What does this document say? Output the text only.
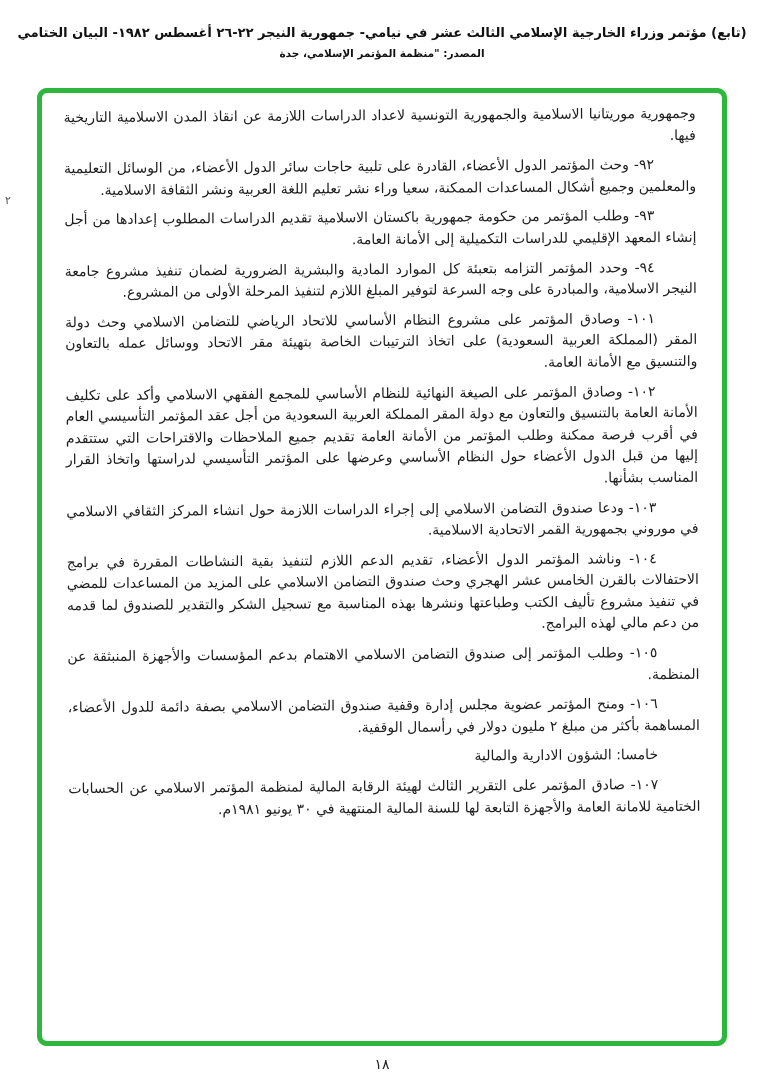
(تابع) مؤتمر وزراء الخارجية الإسلامي الثالث عشر في نيامي- جمهورية النيجر ٢٢-٢٦ أغسطس ١٩٨٢- البيان الختامي
المصدر: "منظمة المؤتمر الإسلامي، جدة
٢

وجمهورية موريتانيا الاسلامية والجمهورية التونسية لاعداد الدراسات اللازمة عن انقاذ المدن الاسلامية التاريخية فيها.

٩٢- وحث المؤتمر الدول الأعضاء، القادرة على تلبية حاجات سائر الدول الأعضاء، من الوسائل التعليمية والمعلمين وجميع أشكال المساعدات الممكنة، سعيا وراء نشر تعليم اللغة العربية ونشر الثقافة الاسلامية.

٩٣- وطلب المؤتمر من حكومة جمهورية باكستان الاسلامية تقديم الدراسات المطلوب إعدادها من أجل إنشاء المعهد الإقليمي للدراسات التكميلية إلى الأمانة العامة.

٩٤- وحدد المؤتمر التزامه بتعبئة كل الموارد المادية والبشرية الضرورية لضمان تنفيذ مشروع جامعة النيجر الاسلامية، والمبادرة على وجه السرعة لتوفير المبلغ اللازم لتنفيذ المرحلة الأولى من المشروع.

١٠١- وصادق المؤتمر على مشروع النظام الأساسي للاتحاد الرياضي للتضامن الاسلامي وحث دولة المقر (المملكة العربية السعودية) على اتخاذ الترتيبات الخاصة بتهيئة مقر الاتحاد ووسائل عمله بالتعاون والتنسيق مع الأمانة العامة.

١٠٢- وصادق المؤتمر على الصيغة النهائية للنظام الأساسي للمجمع الفقهي الاسلامي وأكد على تكليف الأمانة العامة بالتنسيق والتعاون مع دولة المقر المملكة العربية السعودية من أجل عقد المؤتمر التأسيسي العام في أقرب فرصة ممكنة وطلب المؤتمر من الأمانة العامة تقديم جميع الملاحظات والاقتراحات التي ستتقدم إليها من قبل الدول الأعضاء حول النظام الأساسي وعرضها على المؤتمر التأسيسي لدراستها واتخاذ القرار المناسب بشأنها.

١٠٣- ودعا صندوق التضامن الاسلامي إلى إجراء الدراسات اللازمة حول انشاء المركز الثقافي الاسلامي في موروني بجمهورية القمر الاتحادية الاسلامية.

١٠٤- وناشد المؤتمر الدول الأعضاء، تقديم الدعم اللازم لتنفيذ بقية النشاطات المقررة في برامج الاحتفالات بالقرن الخامس عشر الهجري وحث صندوق التضامن الاسلامي على المزيد من المساعدات للمضي في تنفيذ مشروع تأليف الكتب وطباعتها ونشرها بهذه المناسبة مع تسجيل الشكر والتقدير للصندوق لما قدمه من دعم مالي لهذه البرامج.

١٠٥- وطلب المؤتمر إلى صندوق التضامن الاسلامي الاهتمام بدعم المؤسسات والأجهزة المنبثقة عن المنظمة.

١٠٦- ومنح المؤتمر عضوية مجلس إدارة وقفية صندوق التضامن الاسلامي بصفة دائمة للدول الأعضاء، المساهمة بأكثر من مبلغ ٢ مليون دولار في رأسمال الوقفية.

خامسا: الشؤون الادارية والمالية

١٠٧- صادق المؤتمر على التقرير الثالث لهيئة الرقابة المالية لمنظمة المؤتمر الاسلامي عن الحسابات الختامية للامانة العامة والأجهزة التابعة لها للسنة المالية المنتهية في ٣٠ يونيو ١٩٨١م.

١٨
